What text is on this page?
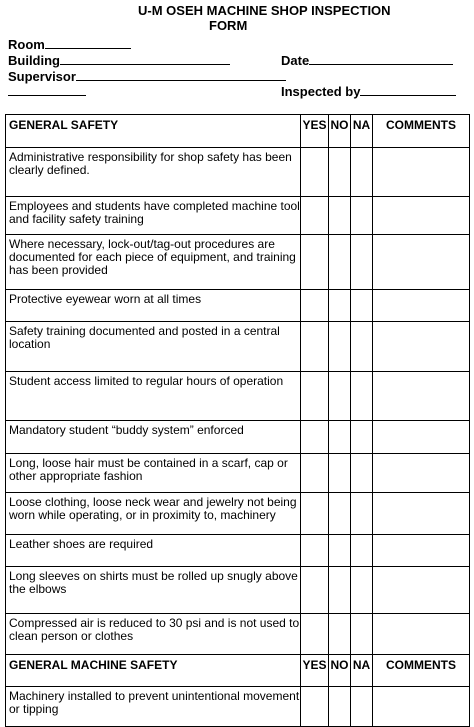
U-M OSEH MACHINE SHOP INSPECTION
FORM
Room
Building	Date
Supervisor
Inspected by
GENERAL SAFETY	YES	NO	NA	COMMENTS
Administrative responsibility for shop safety has been clearly defined.				
Employees and students have completed machine tool and facility safety training				
Where necessary, lock-out/tag-out procedures are documented for each piece of equipment, and training has been provided				
Protective eyewear worn at all times				
Safety training documented and posted in a central location				
Student access limited to regular hours of operation				
Mandatory student “buddy system” enforced				
Long, loose hair must be contained in a scarf, cap or other appropriate fashion				
Loose clothing, loose neck wear and jewelry not being worn while operating, or in proximity to, machinery				
Leather shoes are required				
Long sleeves on shirts must be rolled up snugly above the elbows				
Compressed air is reduced to 30 psi and is not used to clean person or clothes				
GENERAL MACHINE SAFETY	YES	NO	NA	COMMENTS
Machinery installed to prevent unintentional movement or tipping				
